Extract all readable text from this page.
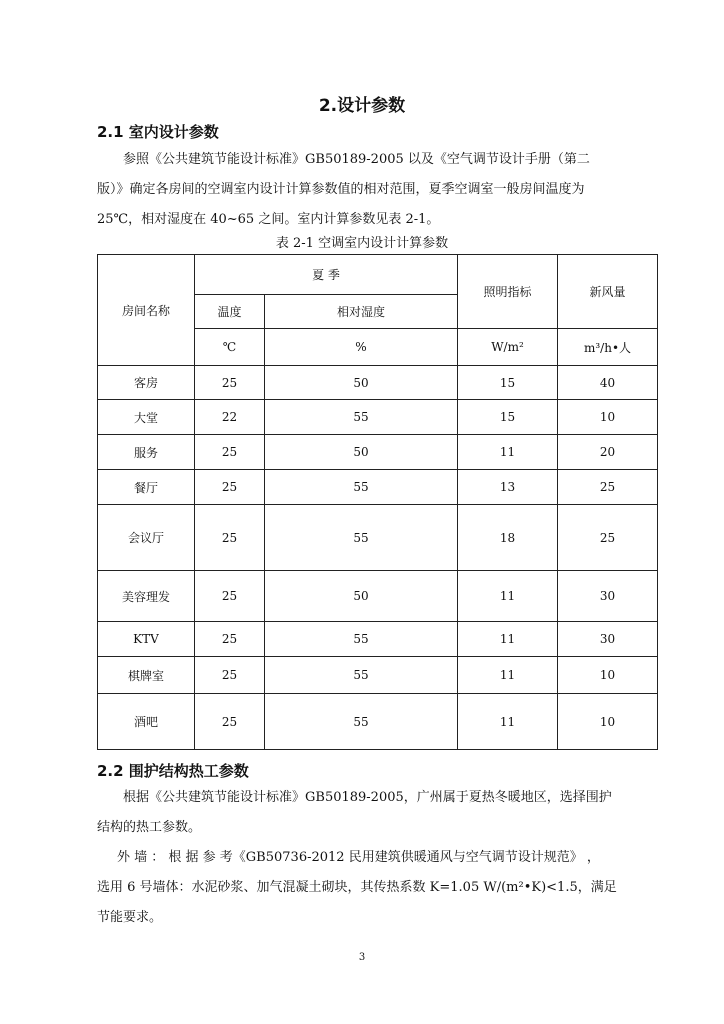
2.设计参数
2.1 室内设计参数
参照《公共建筑节能设计标准》GB50189-2005 以及《空气调节设计手册（第二
版）》确定各房间的空调室内设计计算参数值的相对范围，夏季空调室一般房间温度为
25℃，相对湿度在 40~65 之间。室内计算参数见表 2-1。
表 2-1 空调室内设计计算参数
房间名称	夏 季		照明指标	新风量
	温度	相对湿度		
	℃	%	W/m²	m³/h•人
客房	25	50	15	40
大堂	22	55	15	10
服务	25	50	11	20
餐厅	25	55	13	25
会议厅	25	55	18	25
美容理发	25	50	11	30
KTV	25	55	11	30
棋牌室	25	55	11	10
酒吧	25	55	11	10
2.2 围护结构热工参数
根据《公共建筑节能设计标准》GB50189-2005，广州属于夏热冬暖地区，选择围护
结构的热工参数。
外 墙 ： 根 据 参 考《GB50736-2012 民用建筑供暖通风与空气调节设计规范》 ，
选用 6 号墙体：水泥砂浆、加气混凝土砌块，其传热系数 K=1.05 W/(m²•K)<1.5，满足
节能要求。
3
